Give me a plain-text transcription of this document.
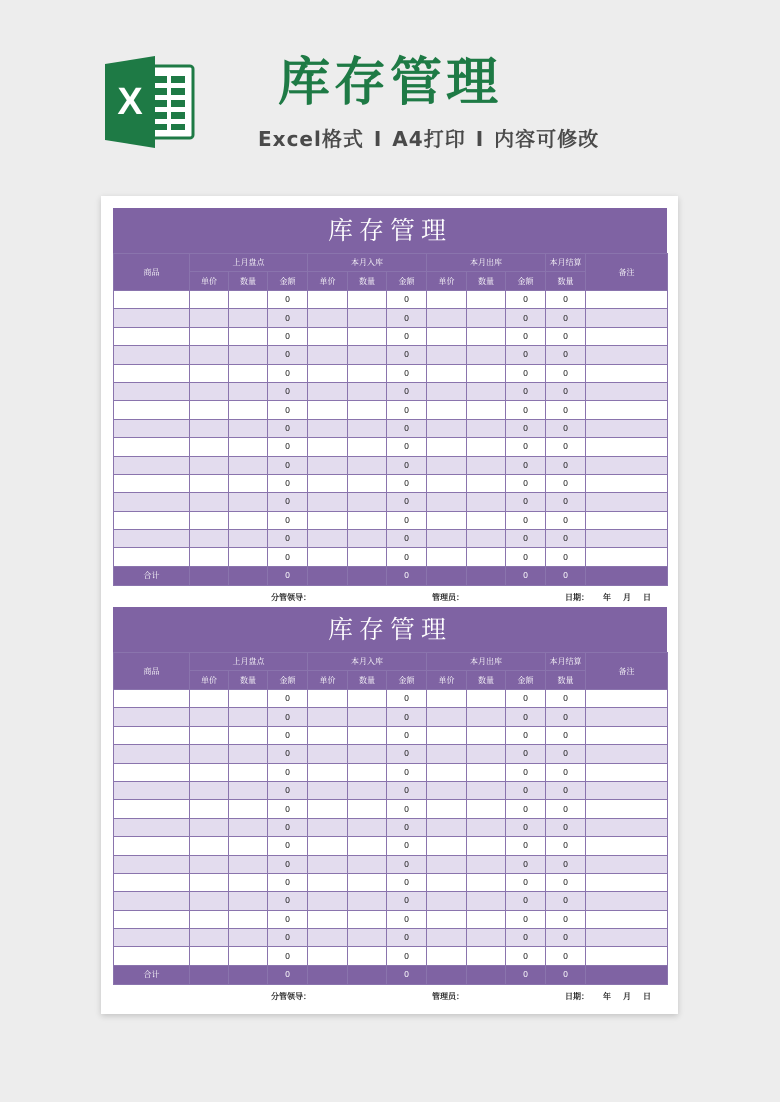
X	库存管理
Excel格式 I A4打印 I 内容可修改
库存管理
商品	上月盘点			本月入库			本月出库			本月结算	备注
	单价	数量	金额	单价	数量	金额	单价	数量	金额	数量	
			0			0			0	0	
			0			0			0	0	
			0			0			0	0	
			0			0			0	0	
			0			0			0	0	
			0			0			0	0	
			0			0			0	0	
			0			0			0	0	
			0			0			0	0	
			0			0			0	0	
			0			0			0	0	
			0			0			0	0	
			0			0			0	0	
			0			0			0	0	
			0			0			0	0	
合计			0			0			0	0	
分管领导：	管理员：	日期： 年 月 日
库存管理
商品	上月盘点			本月入库			本月出库			本月结算	备注
	单价	数量	金额	单价	数量	金额	单价	数量	金额	数量	
			0			0			0	0	
			0			0			0	0	
			0			0			0	0	
			0			0			0	0	
			0			0			0	0	
			0			0			0	0	
			0			0			0	0	
			0			0			0	0	
			0			0			0	0	
			0			0			0	0	
			0			0			0	0	
			0			0			0	0	
			0			0			0	0	
			0			0			0	0	
			0			0			0	0	
合计			0			0			0	0	
分管领导：	管理员：	日期： 年 月 日
